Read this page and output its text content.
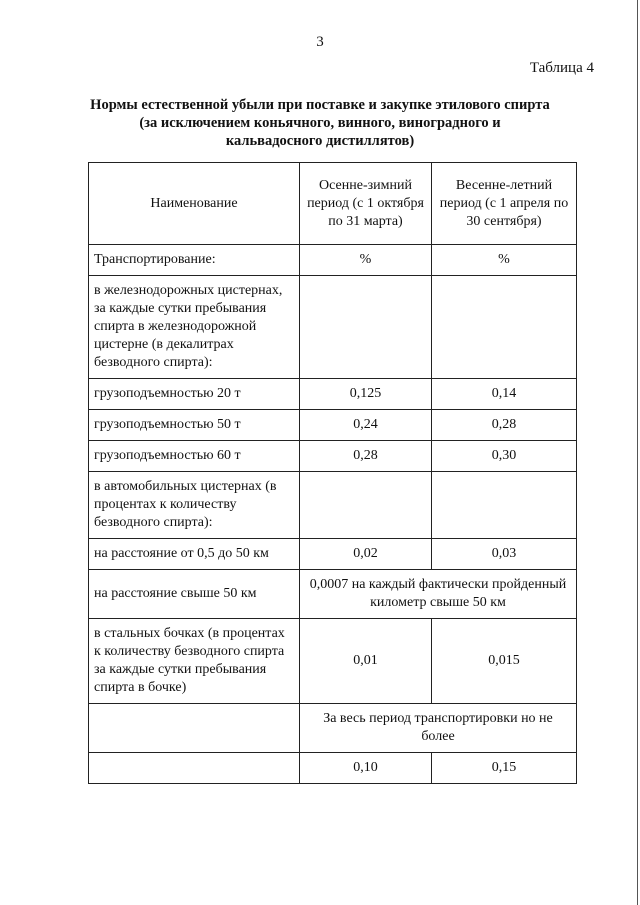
3
Таблица 4
Нормы естественной убыли при поставке и закупке этилового спирта (за исключением коньячного, винного, виноградного и кальвадосного дистиллятов)
Наименование	Осенне-зимний период (с 1 октября по 31 марта)	Весенне-летний период (с 1 апреля по 30 сентября)
Транспортирование:	%	%
в железнодорожных цистернах, за каждые сутки пребывания спирта в железнодорожной цистерне (в декалитрах безводного спирта):		
грузоподъемностью 20 т	0,125	0,14
грузоподъемностью 50 т	0,24	0,28
грузоподъемностью 60 т	0,28	0,30
в автомобильных цистернах (в процентах к количеству безводного спирта):		
на расстояние от 0,5 до 50 км	0,02	0,03
на расстояние свыше 50 км	0,0007 на каждый фактически пройденный километр свыше 50 км	
в стальных бочках (в процентах к количеству безводного спирта за каждые сутки пребывания спирта в бочке)	0,01	0,015
	За весь период транспортировки но не более	
	0,10	0,15
